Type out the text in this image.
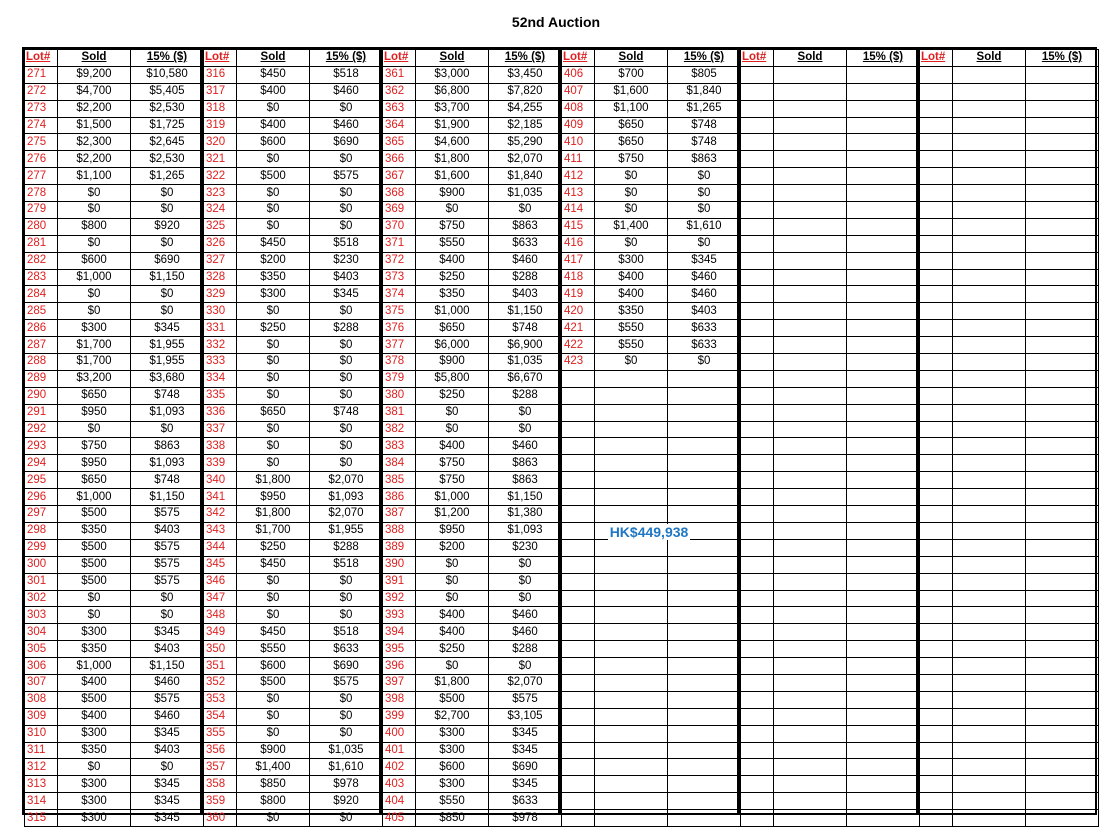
52nd Auction
Lot#	Sold	15% ($)
271	$9,200	$10,580
272	$4,700	$5,405
273	$2,200	$2,530
274	$1,500	$1,725
275	$2,300	$2,645
276	$2,200	$2,530
277	$1,100	$1,265
278	$0	$0
279	$0	$0
280	$800	$920
281	$0	$0
282	$600	$690
283	$1,000	$1,150
284	$0	$0
285	$0	$0
286	$300	$345
287	$1,700	$1,955
288	$1,700	$1,955
289	$3,200	$3,680
290	$650	$748
291	$950	$1,093
292	$0	$0
293	$750	$863
294	$950	$1,093
295	$650	$748
296	$1,000	$1,150
297	$500	$575
298	$350	$403
299	$500	$575
300	$500	$575
301	$500	$575
302	$0	$0
303	$0	$0
304	$300	$345
305	$350	$403
306	$1,000	$1,150
307	$400	$460
308	$500	$575
309	$400	$460
310	$300	$345
311	$350	$403
312	$0	$0
313	$300	$345
314	$300	$345
315	$300	$345
Lot#	Sold	15% ($)
316	$450	$518
317	$400	$460
318	$0	$0
319	$400	$460
320	$600	$690
321	$0	$0
322	$500	$575
323	$0	$0
324	$0	$0
325	$0	$0
326	$450	$518
327	$200	$230
328	$350	$403
329	$300	$345
330	$0	$0
331	$250	$288
332	$0	$0
333	$0	$0
334	$0	$0
335	$0	$0
336	$650	$748
337	$0	$0
338	$0	$0
339	$0	$0
340	$1,800	$2,070
341	$950	$1,093
342	$1,800	$2,070
343	$1,700	$1,955
344	$250	$288
345	$450	$518
346	$0	$0
347	$0	$0
348	$0	$0
349	$450	$518
350	$550	$633
351	$600	$690
352	$500	$575
353	$0	$0
354	$0	$0
355	$0	$0
356	$900	$1,035
357	$1,400	$1,610
358	$850	$978
359	$800	$920
360	$0	$0
Lot#	Sold	15% ($)
361	$3,000	$3,450
362	$6,800	$7,820
363	$3,700	$4,255
364	$1,900	$2,185
365	$4,600	$5,290
366	$1,800	$2,070
367	$1,600	$1,840
368	$900	$1,035
369	$0	$0
370	$750	$863
371	$550	$633
372	$400	$460
373	$250	$288
374	$350	$403
375	$1,000	$1,150
376	$650	$748
377	$6,000	$6,900
378	$900	$1,035
379	$5,800	$6,670
380	$250	$288
381	$0	$0
382	$0	$0
383	$400	$460
384	$750	$863
385	$750	$863
386	$1,000	$1,150
387	$1,200	$1,380
388	$950	$1,093
389	$200	$230
390	$0	$0
391	$0	$0
392	$0	$0
393	$400	$460
394	$400	$460
395	$250	$288
396	$0	$0
397	$1,800	$2,070
398	$500	$575
399	$2,700	$3,105
400	$300	$345
401	$300	$345
402	$600	$690
403	$300	$345
404	$550	$633
405	$850	$978
Lot#	Sold	15% ($)
406	$700	$805
407	$1,600	$1,840
408	$1,100	$1,265
409	$650	$748
410	$650	$748
411	$750	$863
412	$0	$0
413	$0	$0
414	$0	$0
415	$1,400	$1,610
416	$0	$0
417	$300	$345
418	$400	$460
419	$400	$460
420	$350	$403
421	$550	$633
422	$550	$633
423	$0	$0

HK$449,938
Lot#	Sold	15% ($)

		Lot#	Sold	15% ($)
